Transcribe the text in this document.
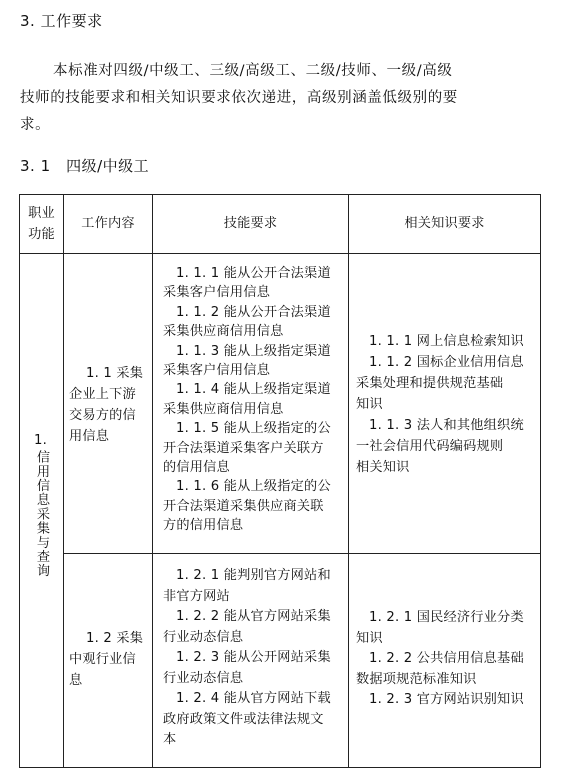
3. 工作要求

本标准对四级/中级工、三级/高级工、二级/技师、一级/高级

技师的技能要求和相关知识要求依次递进，高级别涵盖低级别的要

求。

3. 1　四级/中级工

职业

功能

工作内容	技能要求	相关知识要求
1.
信用信息采集与查询

1. 1 采集

企业上下游

交易方的信

用信息

1. 1. 1 能从公开合法渠道

采集客户信用信息

1. 1. 2 能从公开合法渠道

采集供应商信用信息

1. 1. 3 能从上级指定渠道

采集客户信用信息

1. 1. 4 能从上级指定渠道

采集供应商信用信息

1. 1. 5 能从上级指定的公

开合法渠道采集客户关联方

的信用信息

1. 1. 6 能从上级指定的公

开合法渠道采集供应商关联

方的信用信息

1. 1. 1 网上信息检索知识

1. 1. 2 国标企业信用信息

采集处理和提供规范基础

知识

1. 1. 3 法人和其他组织统

一社会信用代码编码规则

相关知识

1. 2 采集

中观行业信

息

1. 2. 1 能判别官方网站和

非官方网站

1. 2. 2 能从官方网站采集

行业动态信息

1. 2. 3 能从公开网站采集

行业动态信息

1. 2. 4 能从官方网站下载

政府政策文件或法律法规文

本

1. 2. 1 国民经济行业分类

知识

1. 2. 2 公共信用信息基础

数据项规范标准知识

1. 2. 3 官方网站识别知识
